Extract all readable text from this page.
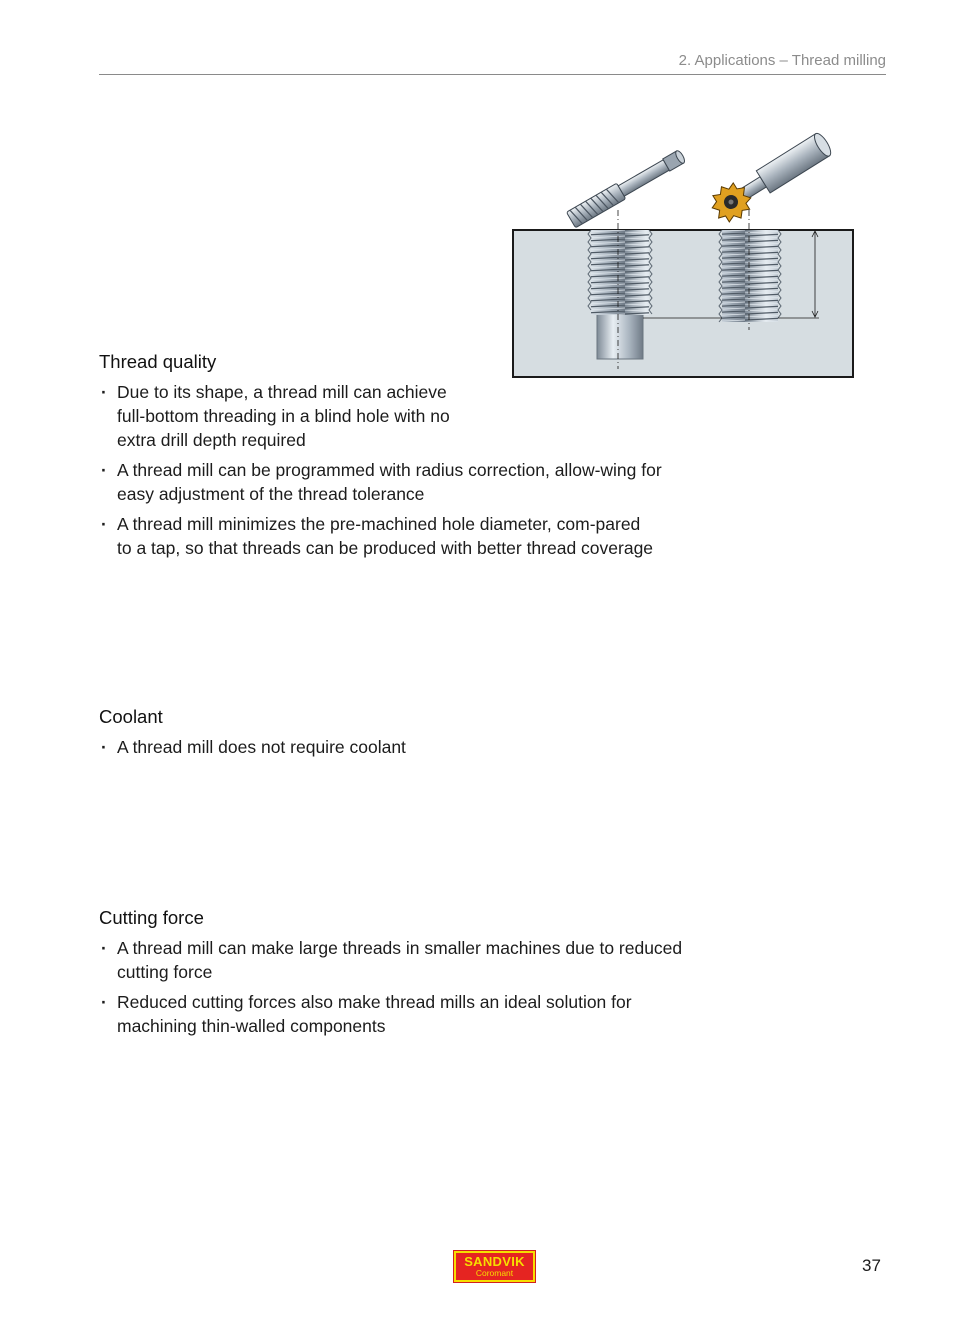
2. Applications – Thread milling
Thread quality
· Due to its shape, a thread mill can achieve full-bottom threading in a blind hole with no extra drill depth required
· A thread mill can be programmed with radius correction, allow-wing for easy adjustment of the thread tolerance
· A thread mill minimizes the pre-machined hole diameter, com-pared to a tap, so that threads can be produced with better thread coverage
Coolant
· A thread mill does not require coolant
Cutting force
· A thread mill can make large threads in smaller machines due to reduced cutting force
· Reduced cutting forces also make thread mills an ideal solution for machining thin-walled components
SANDVIK
Coromant	37
